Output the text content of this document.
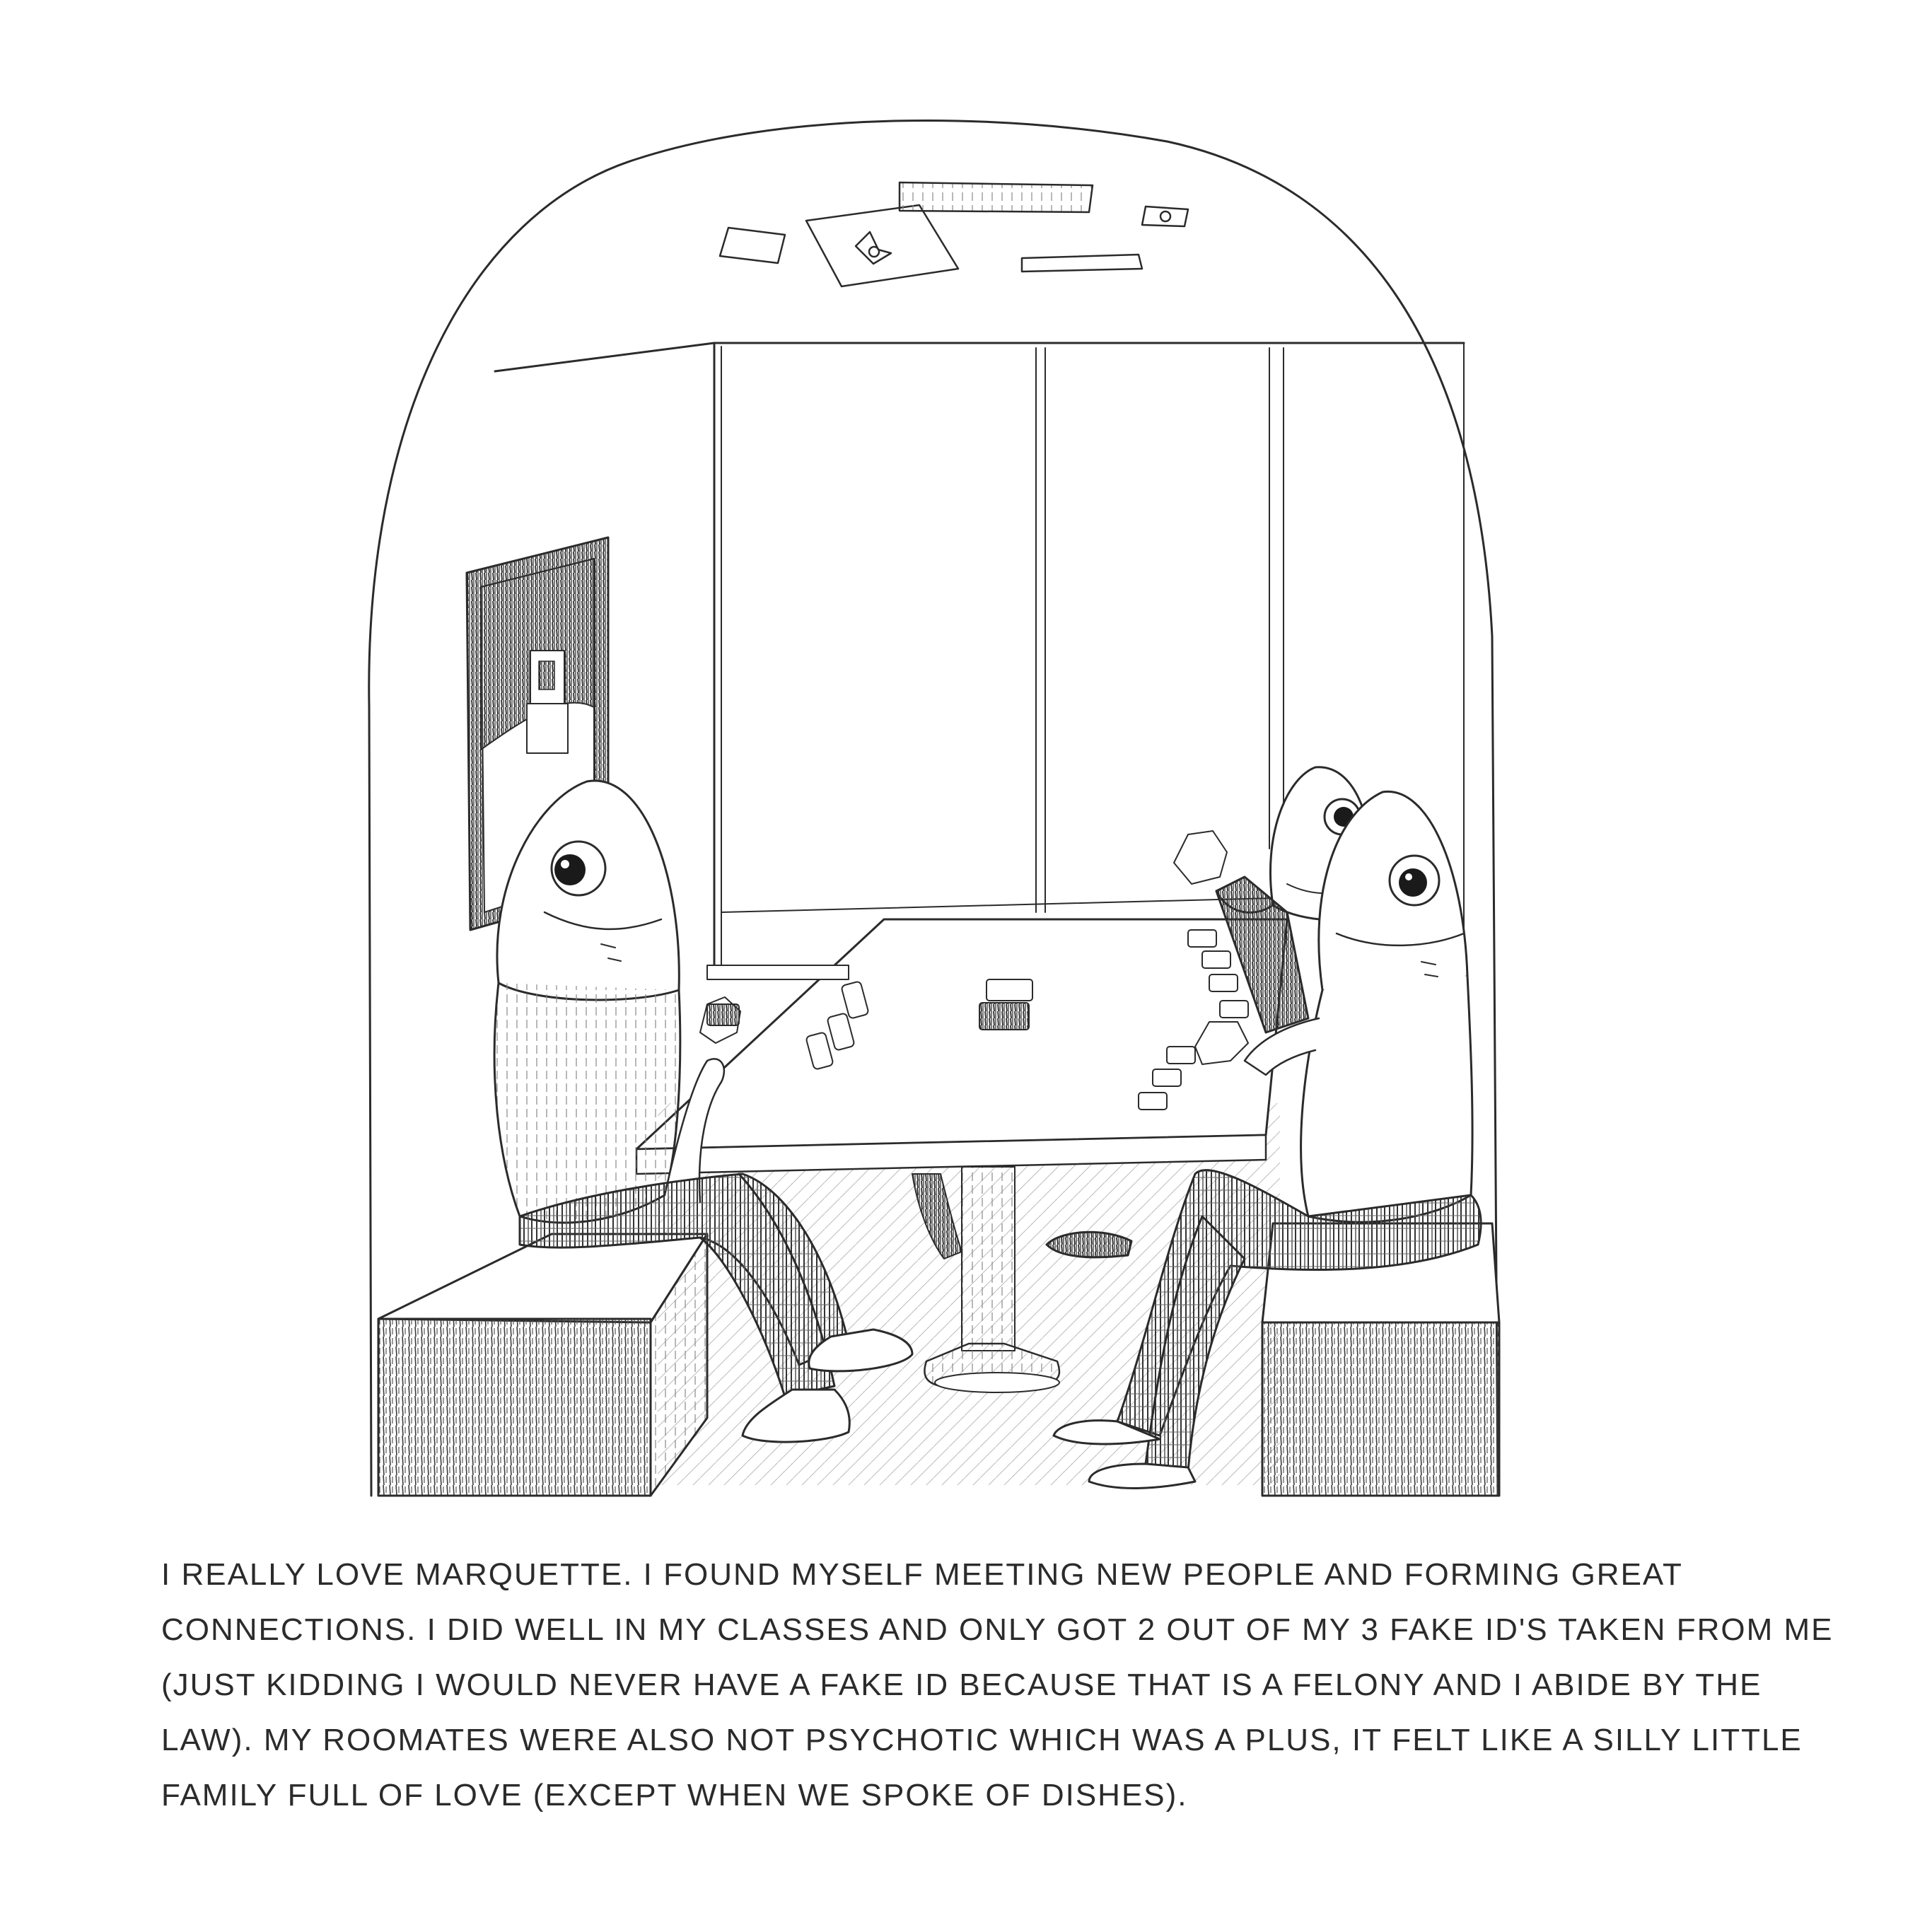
I REALLY LOVE MARQUETTE. I FOUND MYSELF MEETING NEW PEOPLE AND FORMING GREAT
CONNECTIONS. I DID WELL IN MY CLASSES AND ONLY GOT 2 OUT OF MY 3 FAKE ID'S TAKEN FROM ME
(JUST KIDDING I WOULD NEVER HAVE A FAKE ID BECAUSE THAT IS A FELONY AND I ABIDE BY THE
LAW). MY ROOMATES WERE ALSO NOT PSYCHOTIC WHICH WAS A PLUS, IT FELT LIKE A SILLY LITTLE
FAMILY FULL OF LOVE (EXCEPT WHEN WE SPOKE OF DISHES).
